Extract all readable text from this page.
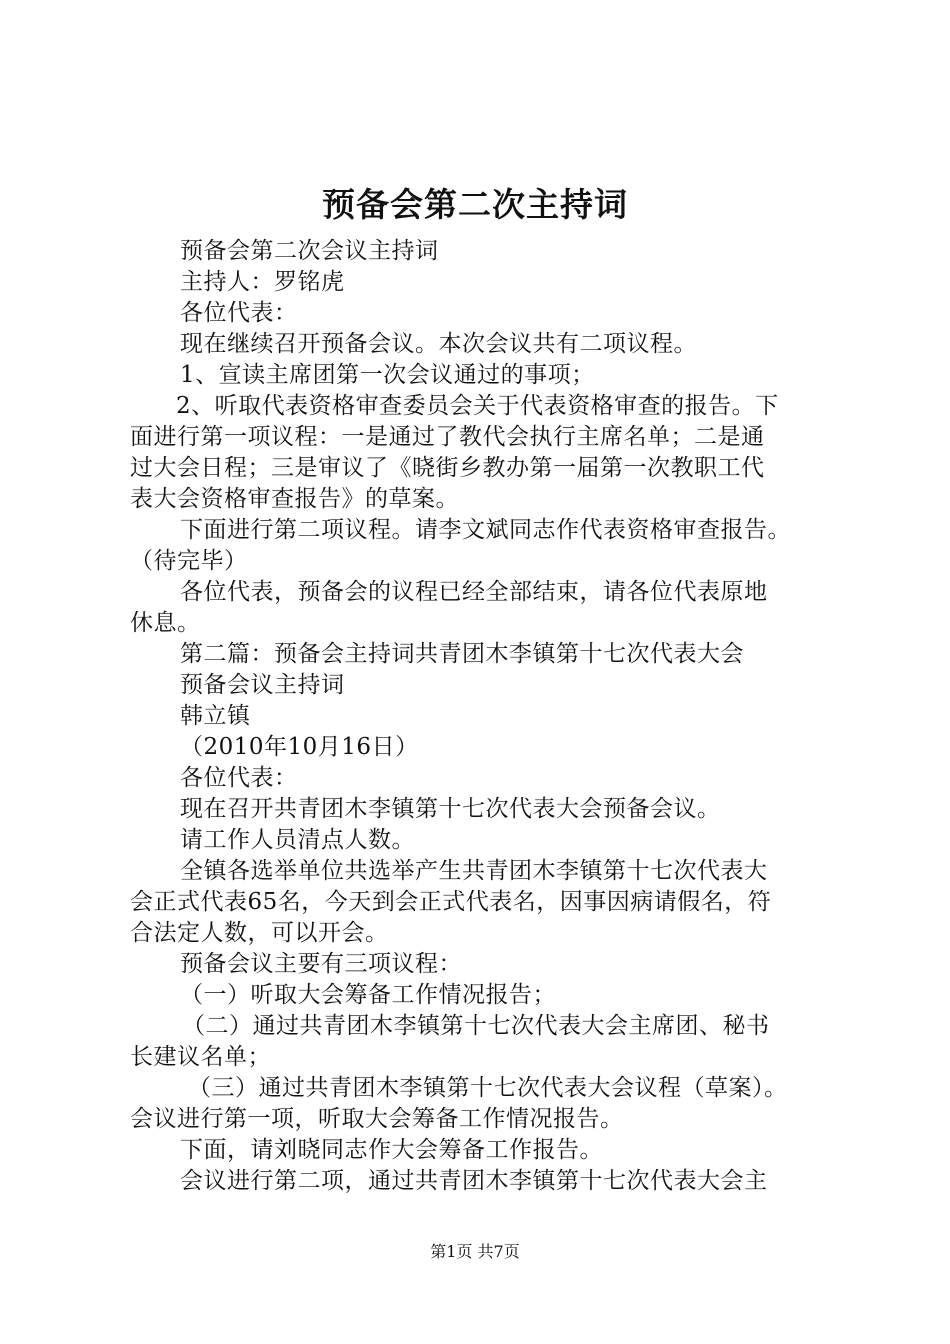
预备会第二次主持词

预备会第二次会议主持词

主持人：罗铭虎

各位代表：

现在继续召开预备会议。本次会议共有二项议程。

1、宣读主席团第一次会议通过的事项；

2、听取代表资格审查委员会关于代表资格审查的报告。下

面进行第一项议程：一是通过了教代会执行主席名单；二是通

过大会日程；三是审议了《晓街乡教办第一届第一次教职工代

表大会资格审查报告》的草案。

下面进行第二项议程。请李文斌同志作代表资格审查报告。

（待完毕）

各位代表，预备会的议程已经全部结束，请各位代表原地

休息。

第二篇：预备会主持词共青团木李镇第十七次代表大会

预备会议主持词

韩立镇

（2010年10月16日）

各位代表：

现在召开共青团木李镇第十七次代表大会预备会议。

请工作人员清点人数。

全镇各选举单位共选举产生共青团木李镇第十七次代表大

会正式代表65名，今天到会正式代表名，因事因病请假名，符

合法定人数，可以开会。

预备会议主要有三项议程：

（一）听取大会筹备工作情况报告；

（二）通过共青团木李镇第十七次代表大会主席团、秘书

长建议名单；

（三）通过共青团木李镇第十七次代表大会议程（草案）。

会议进行第一项，听取大会筹备工作情况报告。

下面，请刘晓同志作大会筹备工作报告。

会议进行第二项，通过共青团木李镇第十七次代表大会主

第1页 共7页
